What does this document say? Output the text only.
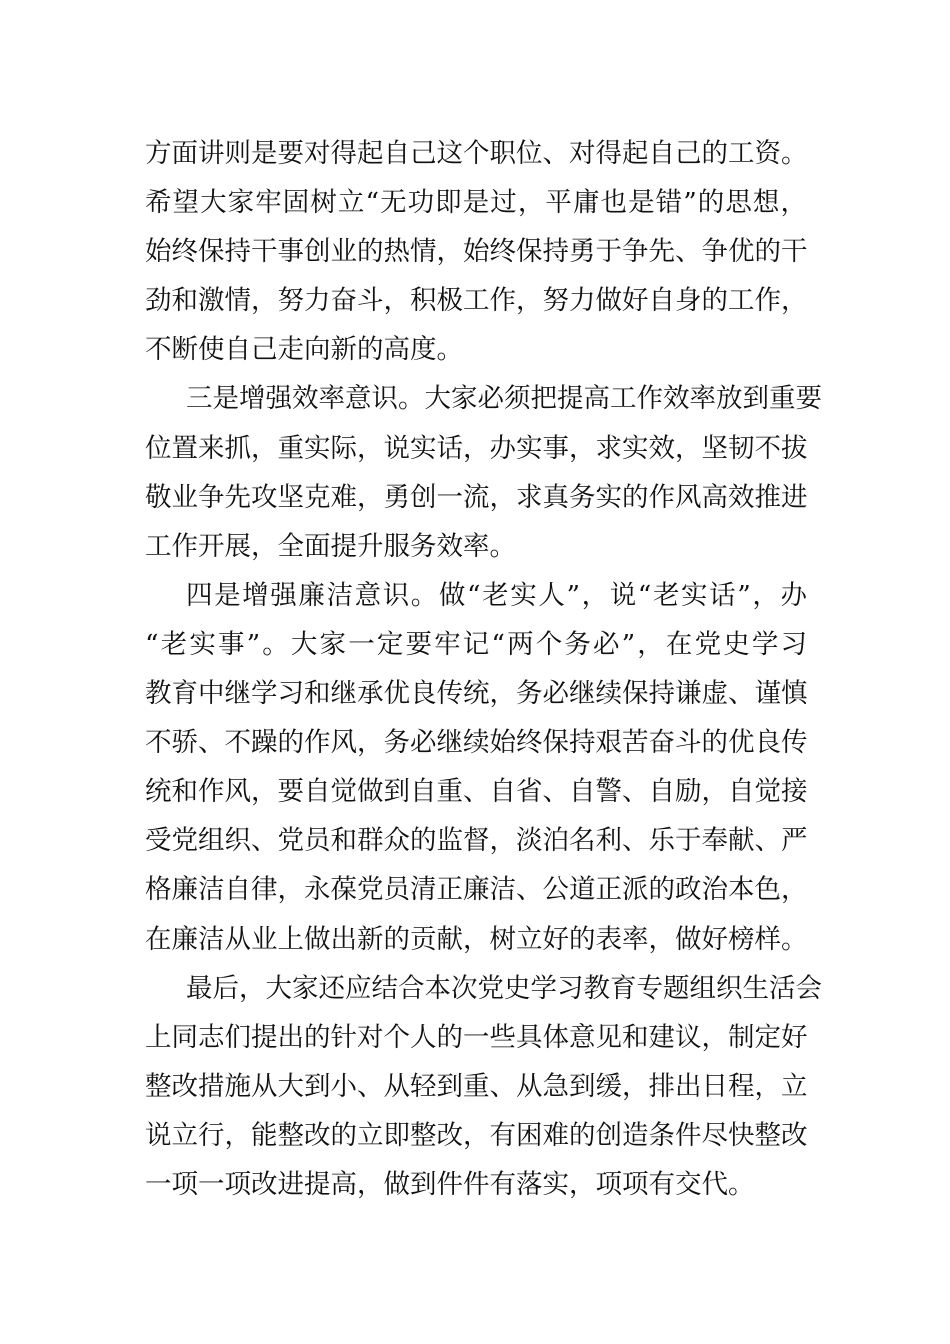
方面讲则是要对得起自己这个职位、对得起自己的工资。
希望大家牢固树立“无功即是过，平庸也是错”的思想，
始终保持干事创业的热情，始终保持勇于争先、争优的干
劲和激情，努力奋斗，积极工作，努力做好自身的工作，
不断使自己走向新的高度。
三是增强效率意识。大家必须把提高工作效率放到重要
位置来抓，重实际，说实话，办实事，求实效，坚韧不拔
敬业争先攻坚克难，勇创一流，求真务实的作风高效推进
工作开展，全面提升服务效率。
四是增强廉洁意识。做“老实人”，说“老实话”，办
“老实事”。大家一定要牢记“两个务必”，在党史学习
教育中继学习和继承优良传统，务必继续保持谦虚、谨慎
不骄、不躁的作风，务必继续始终保持艰苦奋斗的优良传
统和作风，要自觉做到自重、自省、自警、自励，自觉接
受党组织、党员和群众的监督，淡泊名利、乐于奉献、严
格廉洁自律，永葆党员清正廉洁、公道正派的政治本色，
在廉洁从业上做出新的贡献，树立好的表率，做好榜样。
最后，大家还应结合本次党史学习教育专题组织生活会
上同志们提出的针对个人的一些具体意见和建议，制定好
整改措施从大到小、从轻到重、从急到缓，排出日程，立
说立行，能整改的立即整改，有困难的创造条件尽快整改
一项一项改进提高，做到件件有落实，项项有交代。
